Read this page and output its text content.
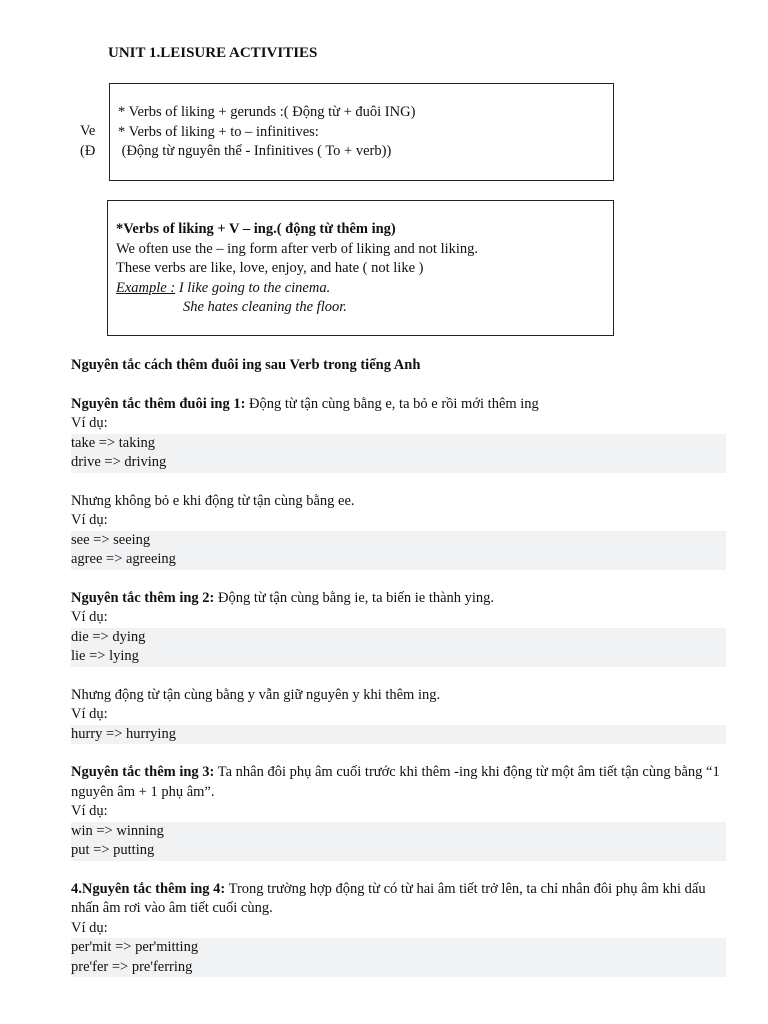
UNIT 1.LEISURE ACTIVITIES
Ve
(Đ
* Verbs of liking + gerunds :( Động từ + đuôi ING)
* Verbs of liking + to – infinitives:
(Động từ nguyên thể - Infinitives ( To + verb))
*Verbs of liking + V – ing.( động từ thêm ing)
We often use the – ing form after verb of liking and not liking.
These verbs are like, love, enjoy, and hate ( not like )
Example : I like going to the cinema.
She hates cleaning the floor.
Nguyên tắc cách thêm đuôi ing sau Verb trong tiếng Anh
Nguyên tắc thêm đuôi ing 1: Động từ tận cùng bằng e, ta bỏ e rồi mới thêm ing
Ví dụ:
take => taking
drive => driving
Nhưng không bỏ e khi động từ tận cùng bằng ee.
Ví dụ:
see => seeing
agree => agreeing
Nguyên tắc thêm ing 2: Động từ tận cùng bằng ie, ta biến ie thành ying.
Ví dụ:
die => dying
lie => lying
Nhưng động từ tận cùng bằng y vẫn giữ nguyên y khi thêm ing.
Ví dụ:
hurry => hurrying
Nguyên tắc thêm ing 3: Ta nhân đôi phụ âm cuối trước khi thêm -ing khi động từ một âm tiết tận cùng bằng “1 nguyên âm + 1 phụ âm”.
Ví dụ:
win => winning
put => putting
4.Nguyên tắc thêm ing 4: Trong trường hợp động từ có từ hai âm tiết trở lên, ta chỉ nhân đôi phụ âm khi dấu nhấn âm rơi vào âm tiết cuối cùng.
Ví dụ:
per'mit => per'mitting
pre'fer => pre'ferring
